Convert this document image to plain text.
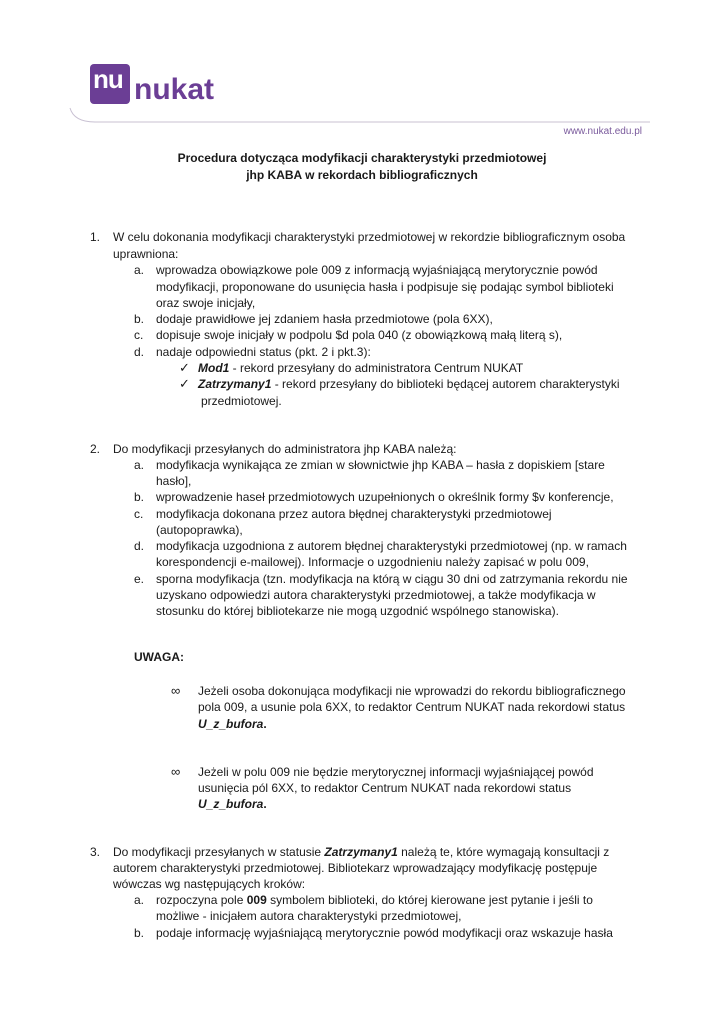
nu nukat
www.nukat.edu.pl
Procedura dotycząca modyfikacji charakterystyki przedmiotowej
jhp KABA w rekordach bibliograficznych
1. W celu dokonania modyfikacji charakterystyki przedmiotowej w rekordzie bibliograficznym osoba
uprawniona:
a. wprowadza obowiązkowe pole 009 z informacją wyjaśniającą merytorycznie powód
modyfikacji, proponowane do usunięcia hasła i podpisuje się podając symbol biblioteki
oraz swoje inicjały,
b. dodaje prawidłowe jej zdaniem hasła przedmiotowe (pola 6XX),
c. dopisuje swoje inicjały w podpolu $d pola 040 (z obowiązkową małą literą s),
d. nadaje odpowiedni status (pkt. 2 i pkt.3):
✓ Mod1 - rekord przesyłany do administratora Centrum NUKAT
✓ Zatrzymany1 - rekord przesyłany do biblioteki będącej autorem charakterystyki
przedmiotowej.
2. Do modyfikacji przesyłanych do administratora jhp KABA należą:
a. modyfikacja wynikająca ze zmian w słownictwie jhp KABA – hasła z dopiskiem [stare
hasło],
b. wprowadzenie haseł przedmiotowych uzupełnionych o określnik formy $v konferencje,
c. modyfikacja dokonana przez autora błędnej charakterystyki przedmiotowej
(autopoprawka),
d. modyfikacja uzgodniona z autorem błędnej charakterystyki przedmiotowej (np. w ramach
korespondencji e-mailowej). Informacje o uzgodnieniu należy zapisać w polu 009,
e. sporna modyfikacja (tzn. modyfikacja na którą w ciągu 30 dni od zatrzymania rekordu nie
uzyskano odpowiedzi autora charakterystyki przedmiotowej, a także modyfikacja w
stosunku do której bibliotekarze nie mogą uzgodnić wspólnego stanowiska).
UWAGA:
∞ Jeżeli osoba dokonująca modyfikacji nie wprowadzi do rekordu bibliograficznego
pola 009, a usunie pola 6XX, to redaktor Centrum NUKAT nada rekordowi status
U_z_bufora.
∞ Jeżeli w polu 009 nie będzie merytorycznej informacji wyjaśniającej powód
usunięcia pól 6XX, to redaktor Centrum NUKAT nada rekordowi status
U_z_bufora.
3. Do modyfikacji przesyłanych w statusie Zatrzymany1 należą te, które wymagają konsultacji z
autorem charakterystyki przedmiotowej. Bibliotekarz wprowadzający modyfikację postępuje
wówczas wg następujących kroków:
a. rozpoczyna pole 009 symbolem biblioteki, do której kierowane jest pytanie i jeśli to
możliwe - inicjałem autora charakterystyki przedmiotowej,
b. podaje informację wyjaśniającą merytorycznie powód modyfikacji oraz wskazuje hasła
